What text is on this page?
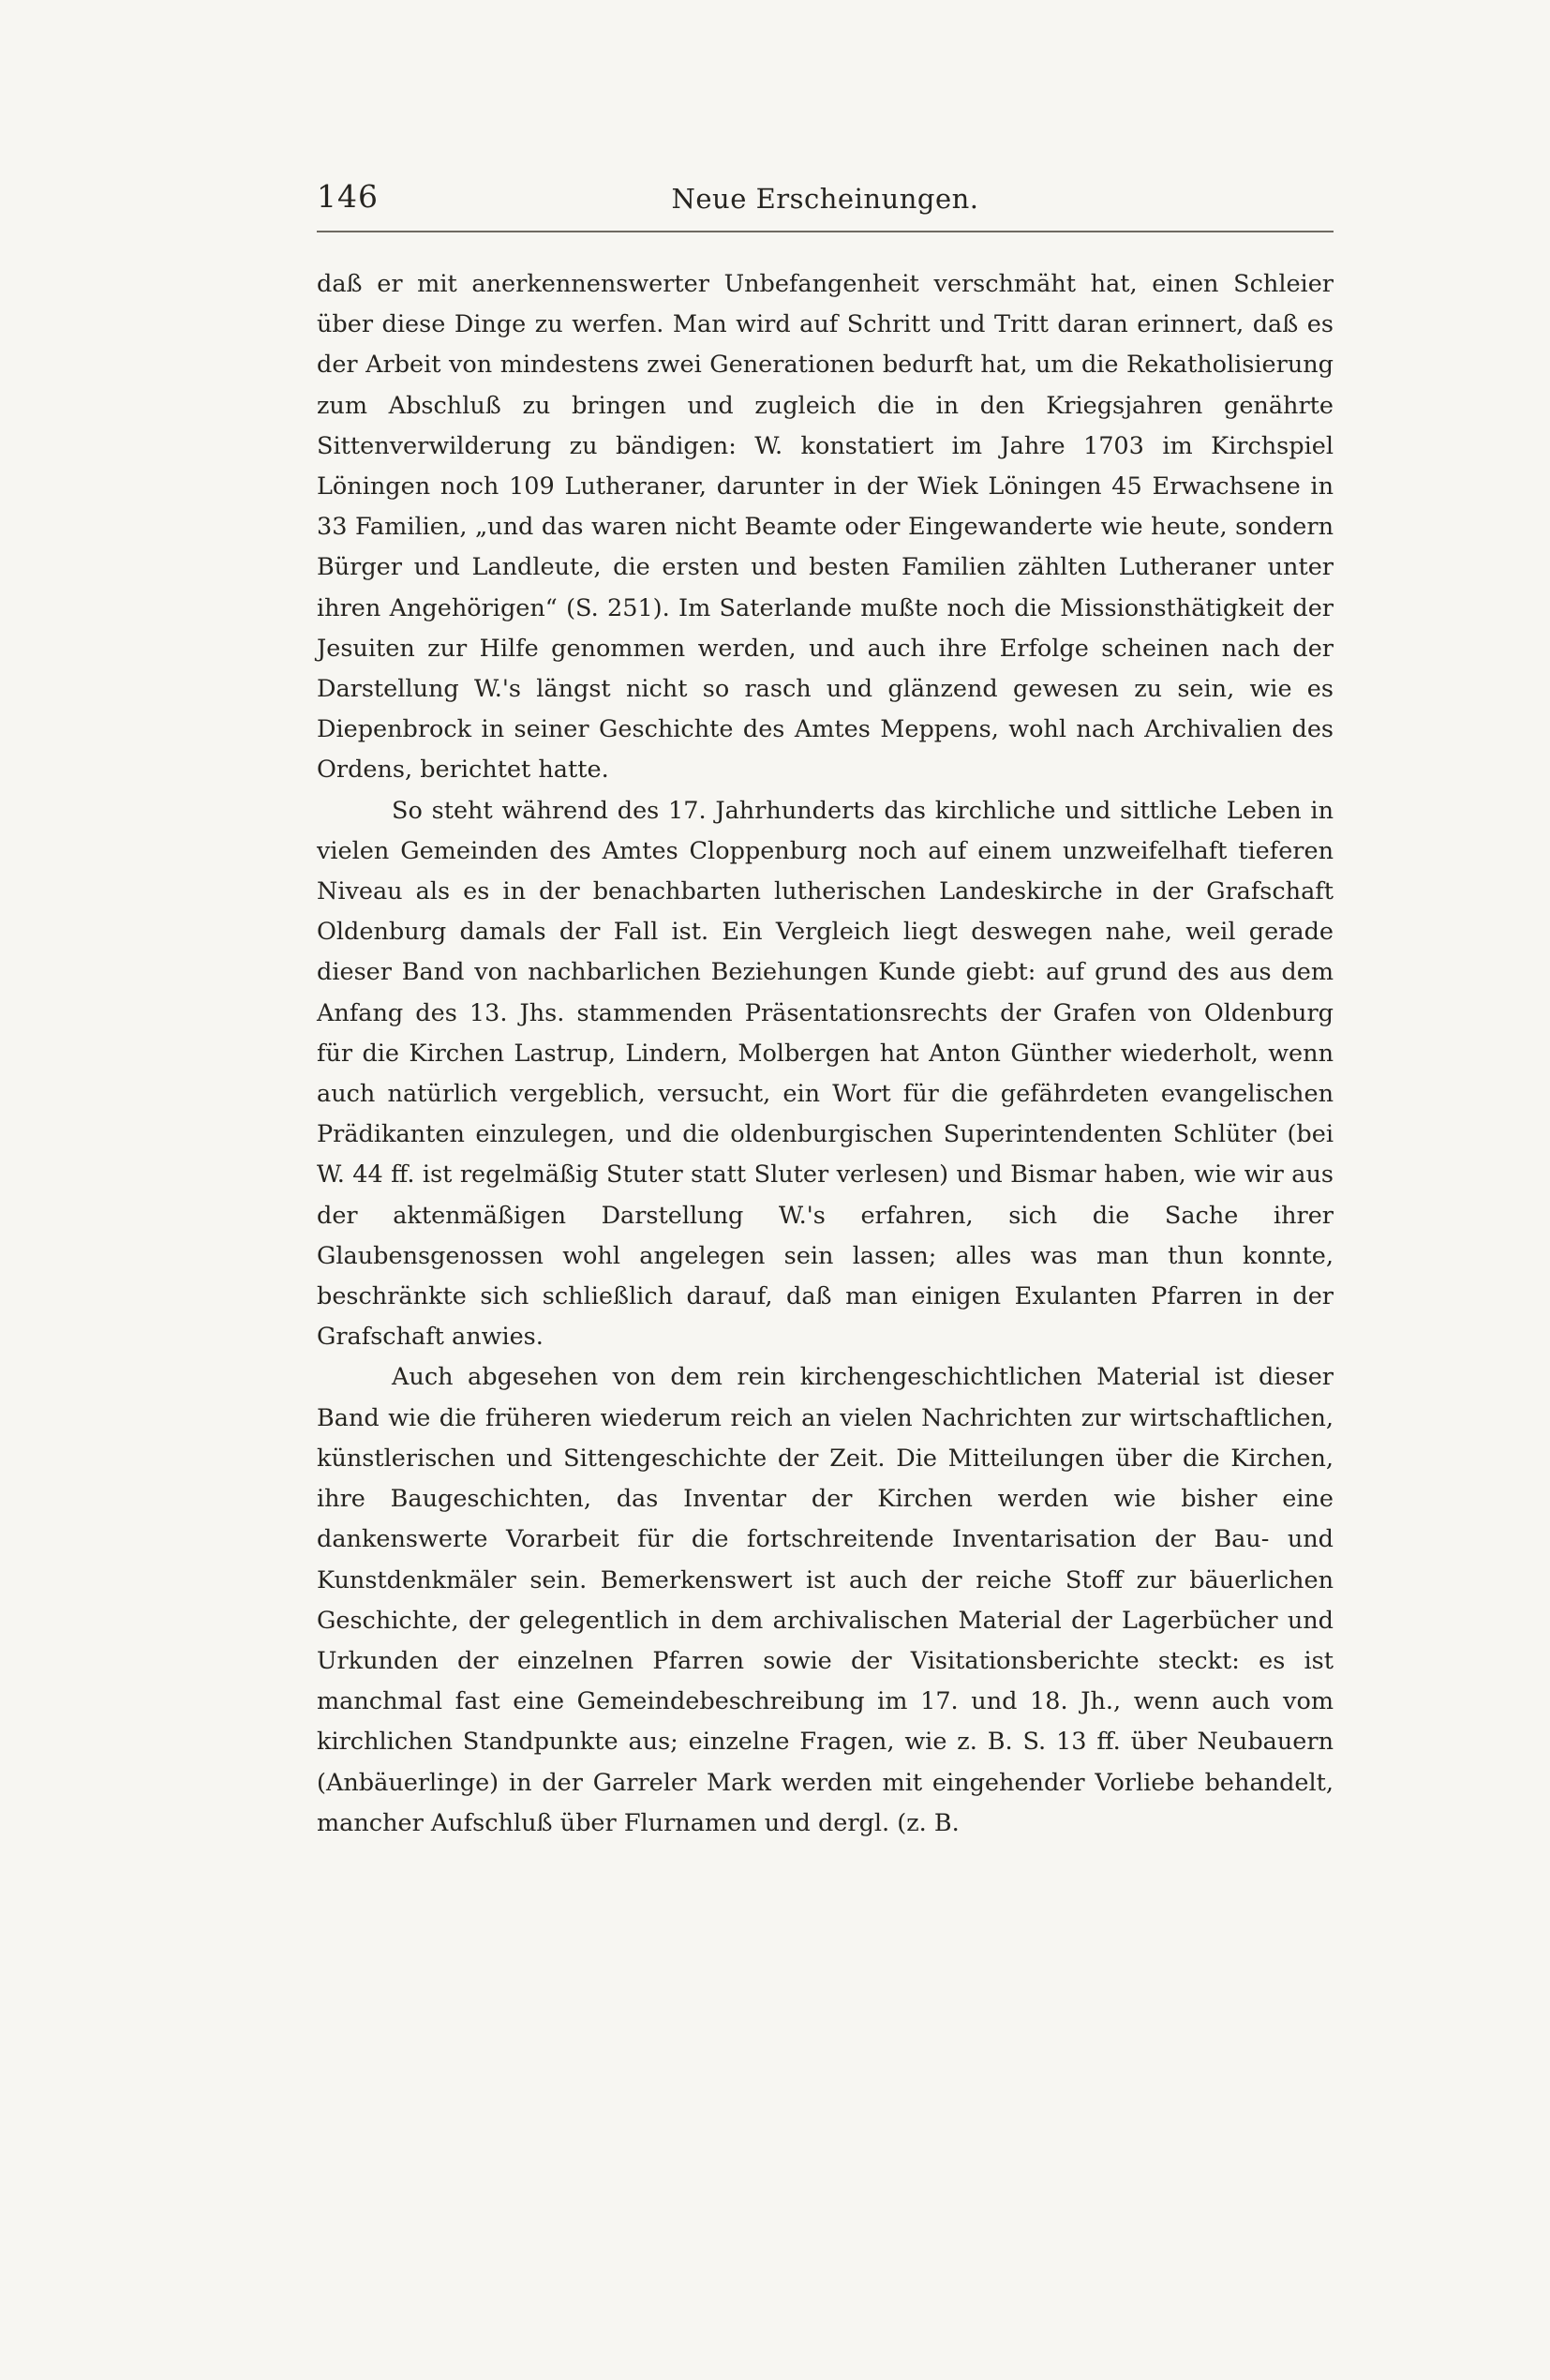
146	Neue Erscheinungen.

daß er mit anerkennenswerter Unbefangenheit verschmäht hat, einen Schleier über diese Dinge zu werfen. Man wird auf Schritt und Tritt daran erinnert, daß es der Arbeit von mindestens zwei Generationen bedurft hat, um die Rekatholisierung zum Abschluß zu bringen und zugleich die in den Kriegsjahren genährte Sittenverwilderung zu bändigen: W. konstatiert im Jahre 1703 im Kirchspiel Löningen noch 109 Lutheraner, darunter in der Wiek Löningen 45 Erwachsene in 33 Familien, „und das waren nicht Beamte oder Eingewanderte wie heute, sondern Bürger und Landleute, die ersten und besten Familien zählten Lutheraner unter ihren Angehörigen“ (S. 251). Im Saterlande mußte noch die Missionsthätigkeit der Jesuiten zur Hilfe genommen werden, und auch ihre Erfolge scheinen nach der Darstellung W.'s längst nicht so rasch und glänzend gewesen zu sein, wie es Diepenbrock in seiner Geschichte des Amtes Meppens, wohl nach Archivalien des Ordens, berichtet hatte.

So steht während des 17. Jahrhunderts das kirchliche und sittliche Leben in vielen Gemeinden des Amtes Cloppenburg noch auf einem unzweifelhaft tieferen Niveau als es in der benachbarten lutherischen Landeskirche in der Grafschaft Oldenburg damals der Fall ist. Ein Vergleich liegt deswegen nahe, weil gerade dieser Band von nachbarlichen Beziehungen Kunde giebt: auf grund des aus dem Anfang des 13. Jhs. stammenden Präsentationsrechts der Grafen von Oldenburg für die Kirchen Lastrup, Lindern, Molbergen hat Anton Günther wiederholt, wenn auch natürlich vergeblich, versucht, ein Wort für die gefährdeten evangelischen Prädikanten einzulegen, und die oldenburgischen Superintendenten Schlüter (bei W. 44 ff. ist regelmäßig Stuter statt Sluter verlesen) und Bismar haben, wie wir aus der aktenmäßigen Darstellung W.'s erfahren, sich die Sache ihrer Glaubensgenossen wohl angelegen sein lassen; alles was man thun konnte, beschränkte sich schließlich darauf, daß man einigen Exulanten Pfarren in der Grafschaft anwies.

Auch abgesehen von dem rein kirchengeschichtlichen Material ist dieser Band wie die früheren wiederum reich an vielen Nachrichten zur wirtschaftlichen, künstlerischen und Sittengeschichte der Zeit. Die Mitteilungen über die Kirchen, ihre Baugeschichten, das Inventar der Kirchen werden wie bisher eine dankenswerte Vorarbeit für die fortschreitende Inventarisation der Bau- und Kunstdenkmäler sein. Bemerkenswert ist auch der reiche Stoff zur bäuerlichen Geschichte, der gelegentlich in dem archivalischen Material der Lagerbücher und Urkunden der einzelnen Pfarren sowie der Visitationsberichte steckt: es ist manchmal fast eine Gemeindebeschreibung im 17. und 18. Jh., wenn auch vom kirchlichen Standpunkte aus; einzelne Fragen, wie z. B. S. 13 ff. über Neubauern (Anbäuerlinge) in der Garreler Mark werden mit eingehender Vorliebe behandelt, mancher Aufschluß über Flurnamen und dergl. (z. B.
